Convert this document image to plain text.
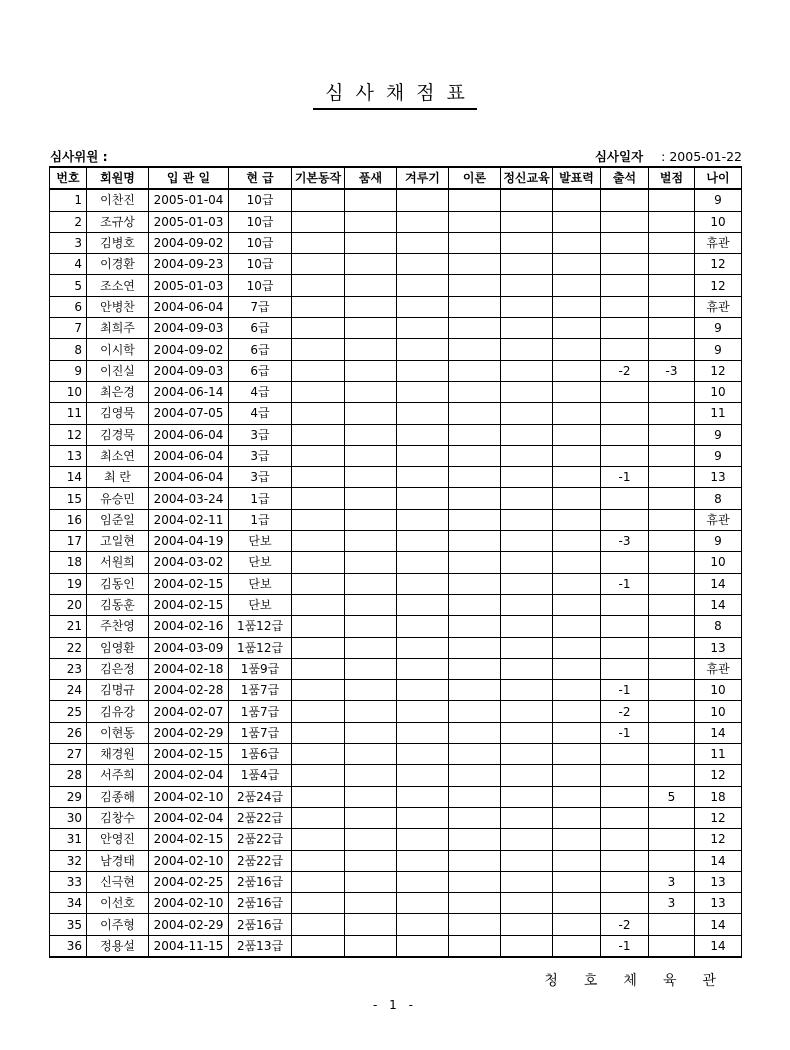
심사채점표
심사위원 :	심사일자 : 2005-01-22
번호	회원명	입 관 일	현 급	기본동작	품새	겨루기	이론	정신교육	발표력	출석	벌점	나이
1	이찬진	2005-01-04	10급									9
2	조규상	2005-01-03	10급									10
3	김병호	2004-09-02	10급									휴관
4	이경환	2004-09-23	10급									12
5	조소연	2005-01-03	10급									12
6	안병찬	2004-06-04	7급									휴관
7	최희주	2004-09-03	6급									9
8	이시학	2004-09-02	6급									9
9	이진실	2004-09-03	6급							-2	-3	12
10	최은경	2004-06-14	4급									10
11	김영묵	2004-07-05	4급									11
12	김경묵	2004-06-04	3급									9
13	최소연	2004-06-04	3급									9
14	최 란	2004-06-04	3급							-1		13
15	유승민	2004-03-24	1급									8
16	임준일	2004-02-11	1급									휴관
17	고일현	2004-04-19	단보							-3		9
18	서원희	2004-03-02	단보									10
19	김동인	2004-02-15	단보							-1		14
20	김동훈	2004-02-15	단보									14
21	주찬영	2004-02-16	1품12급									8
22	임영환	2004-03-09	1품12급									13
23	김은정	2004-02-18	1품9급									휴관
24	김명규	2004-02-28	1품7급							-1		10
25	김유강	2004-02-07	1품7급							-2		10
26	이현동	2004-02-29	1품7급							-1		14
27	채경원	2004-02-15	1품6급									11
28	서주희	2004-02-04	1품4급									12
29	김종해	2004-02-10	2품24급								5	18
30	김창수	2004-02-04	2품22급									12
31	안영진	2004-02-15	2품22급									12
32	남경태	2004-02-10	2품22급									14
33	신극현	2004-02-25	2품16급								3	13
34	이선호	2004-02-10	2품16급								3	13
35	이주형	2004-02-29	2품16급							-2		14
36	정용설	2004-11-15	2품13급							-1		14
청호체육관
- 1 -
